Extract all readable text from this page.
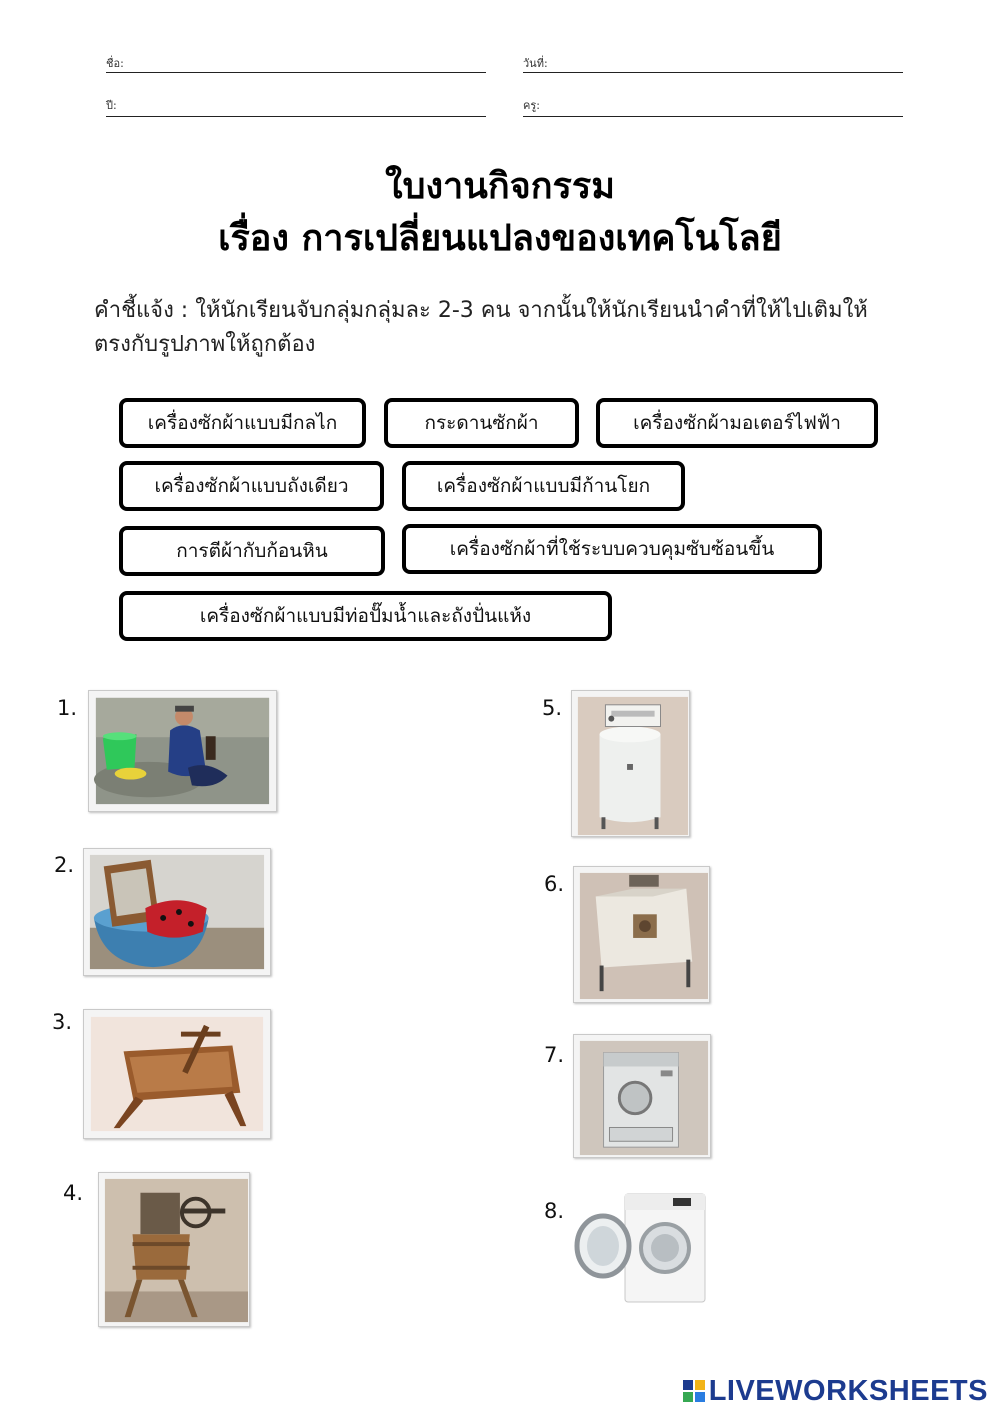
ชื่อ:	วันที่:
ปี:	ครู:
ใบงานกิจกรรม
เรื่อง การเปลี่ยนแปลงของเทคโนโลยี
คำชี้แจ้ง : ให้นักเรียนจับกลุ่มกลุ่มละ 2-3 คน จากนั้นให้นักเรียนนำคำที่ให้ไปเติมให้ตรงกับรูปภาพให้ถูกต้อง
เครื่องซักผ้าแบบมีกลไก	กระดานซักผ้า	เครื่องซักผ้ามอเตอร์ไฟฟ้า
เครื่องซักผ้าแบบถังเดียว	เครื่องซักผ้าแบบมีก้านโยก
การตีผ้ากับก้อนหิน	เครื่องซักผ้าที่ใช้ระบบควบคุมซับซ้อนขึ้น
เครื่องซักผ้าแบบมีท่อปั๊มน้ำและถังปั่นแห้ง
1.
2.
3.
4.
5.
6.
7.
8.
LIVEWORKSHEETS
